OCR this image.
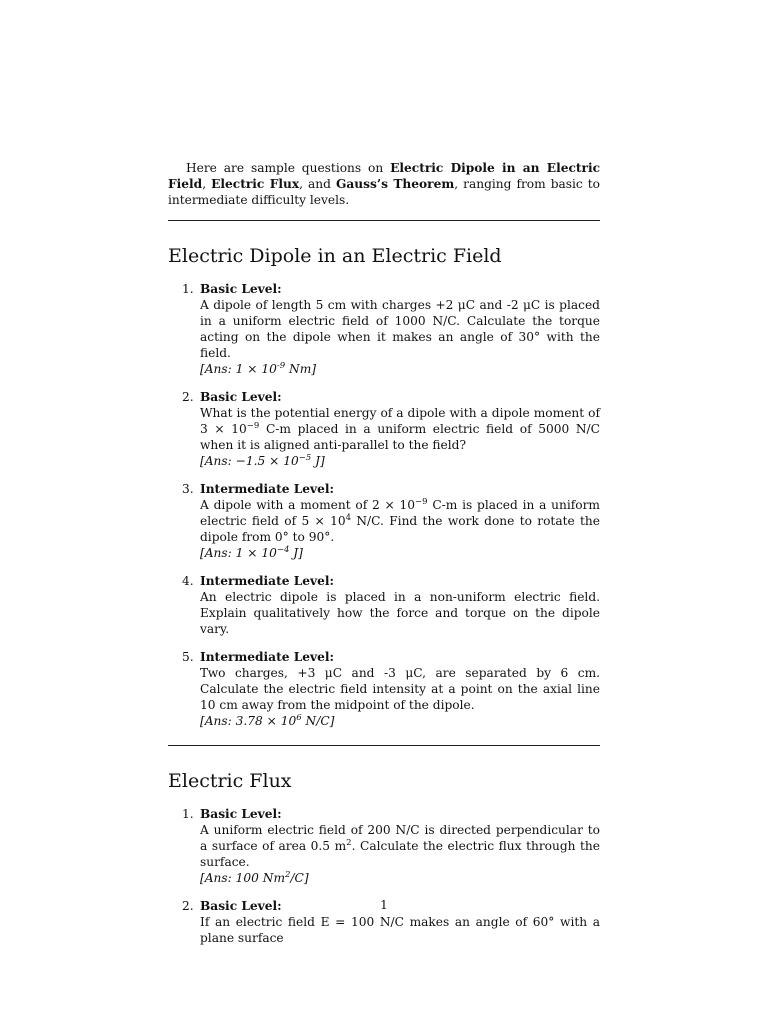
Here are sample questions on Electric Dipole in an Electric Field, Electric Flux, and Gauss’s Theorem, ranging from basic to intermediate difficulty levels.

Electric Dipole in an Electric Field
1. Basic Level:
A dipole of length 5 cm with charges +2 μC and -2 μC is placed in a uniform electric field of 1000 N/C. Calculate the torque acting on the dipole when it makes an angle of 30° with the field.
[Ans: $1 \times 10^{-9}$ Nm]
2. Basic Level:
What is the potential energy of a dipole with a dipole moment of $3 \times 10^{-9}$ C-m placed in a uniform electric field of 5000 N/C when it is aligned anti-parallel to the field?
[Ans: $-1.5 \times 10^{-5}$ J]
3. Intermediate Level:
A dipole with a moment of $2 \times 10^{-9}$ C-m is placed in a uniform electric field of $5 \times 10^4$ N/C. Find the work done to rotate the dipole from 0° to 90°.
[Ans: $1 \times 10^{-4}$ J]
4. Intermediate Level:
An electric dipole is placed in a non-uniform electric field. Explain qualitatively how the force and torque on the dipole vary.
5. Intermediate Level:
Two charges, +3 μC and -3 μC, are separated by 6 cm. Calculate the electric field intensity at a point on the axial line 10 cm away from the midpoint of the dipole.
[Ans: $3.78 \times 10^6$ N/C]
Electric Flux
1. Basic Level:
A uniform electric field of 200 N/C is directed perpendicular to a surface of area 0.5 $m^2$. Calculate the electric flux through the surface.
[Ans: 100 Nm$^2$/C]
2. Basic Level:
If an electric field E = 100 N/C makes an angle of 60° with a plane surface
1
